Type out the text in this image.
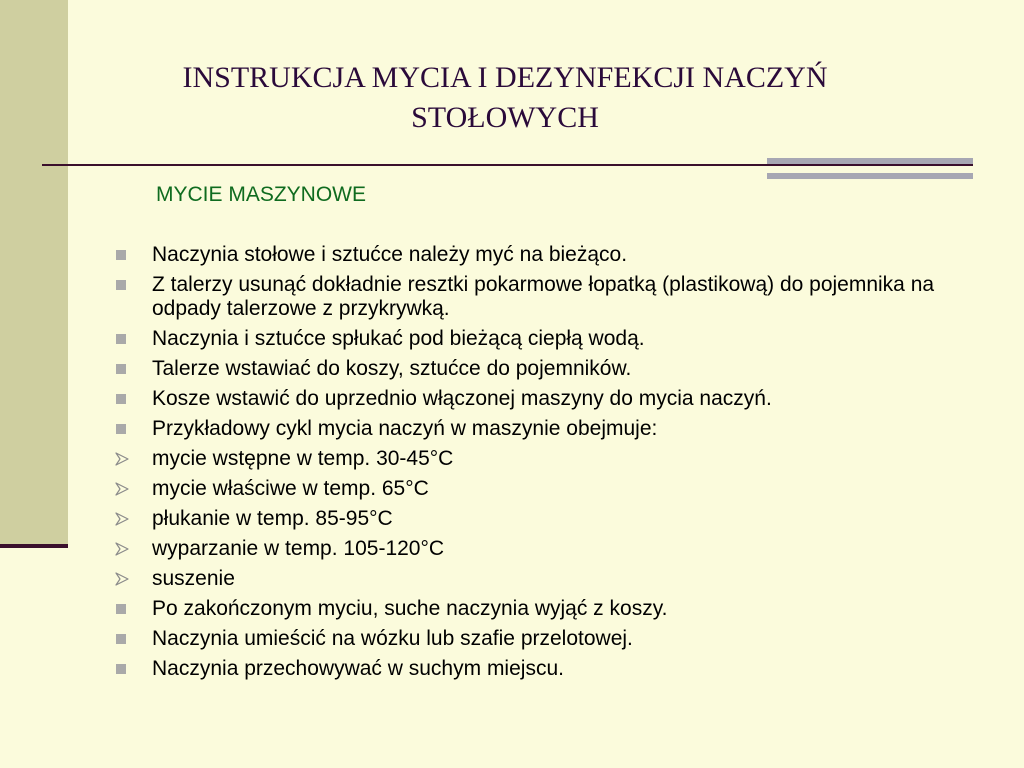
INSTRUKCJA MYCIA I DEZYNFEKCJI NACZYŃ STOŁOWYCH
MYCIE MASZYNOWE
Naczynia stołowe i sztućce należy myć na bieżąco.
Z talerzy usunąć dokładnie resztki pokarmowe łopatką (plastikową) do pojemnika na odpady talerzowe z przykrywką.
Naczynia i sztućce spłukać pod bieżącą ciepłą wodą.
Talerze wstawiać do koszy, sztućce do pojemników.
Kosze wstawić do uprzednio włączonej maszyny do mycia naczyń.
Przykładowy cykl mycia naczyń w maszynie obejmuje:
mycie wstępne w temp. 30-45°C
mycie właściwe w temp. 65°C
płukanie w temp. 85-95°C
wyparzanie w temp. 105-120°C
suszenie
Po zakończonym myciu, suche naczynia wyjąć z koszy.
Naczynia umieścić na wózku lub szafie przelotowej.
Naczynia przechowywać w suchym miejscu.
